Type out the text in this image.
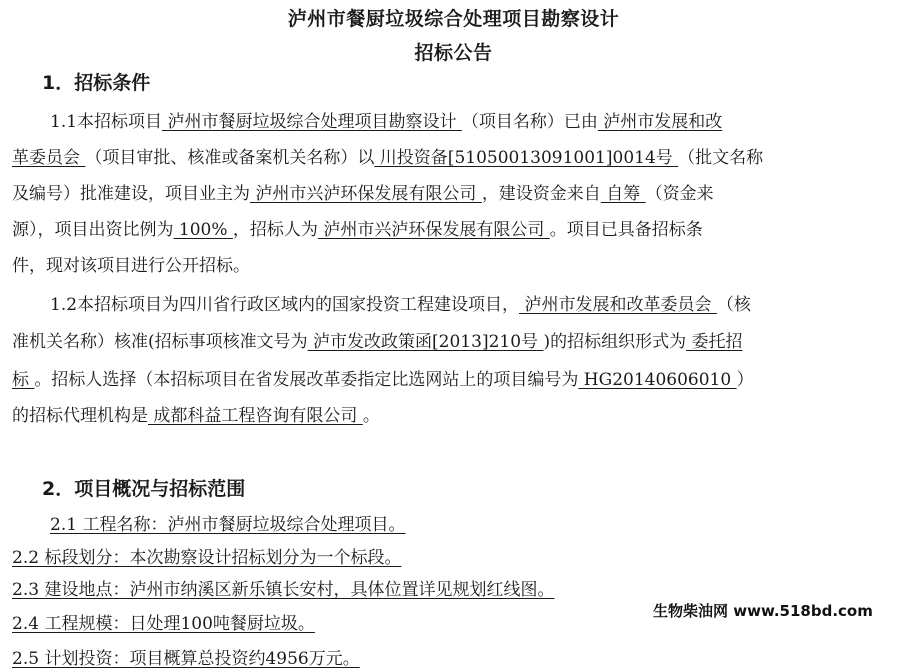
泸州市餐厨垃圾综合处理项目勘察设计
招标公告
1．招标条件
1.1本招标项目 泸州市餐厨垃圾综合处理项目勘察设计 （项目名称）已由 泸州市发展和改
革委员会 （项目审批、核准或备案机关名称）以 川投资备[51050013091001]0014号 （批文名称
及编号）批准建设，项目业主为 泸州市兴泸环保发展有限公司 ，建设资金来自 自筹 （资金来
源），项目出资比例为 100% ，招标人为 泸州市兴泸环保发展有限公司 。项目已具备招标条
件，现对该项目进行公开招标。
1.2本招标项目为四川省行政区域内的国家投资工程建设项目， 泸州市发展和改革委员会 （核
准机关名称）核准(招标事项核准文号为 泸市发改政策函[2013]210号 )的招标组织形式为 委托招
标 。招标人选择（本招标项目在省发展改革委指定比选网站上的项目编号为 HG20140606010 ）
的招标代理机构是 成都科益工程咨询有限公司 。
2．项目概况与招标范围
2.1 工程名称：泸州市餐厨垃圾综合处理项目。
2.2 标段划分：本次勘察设计招标划分为一个标段。
2.3 建设地点：泸州市纳溪区新乐镇长安村，具体位置详见规划红线图。
2.4 工程规模：日处理100吨餐厨垃圾。
2.5 计划投资：项目概算总投资约4956万元。
生物柴油网 www.518bd.com
